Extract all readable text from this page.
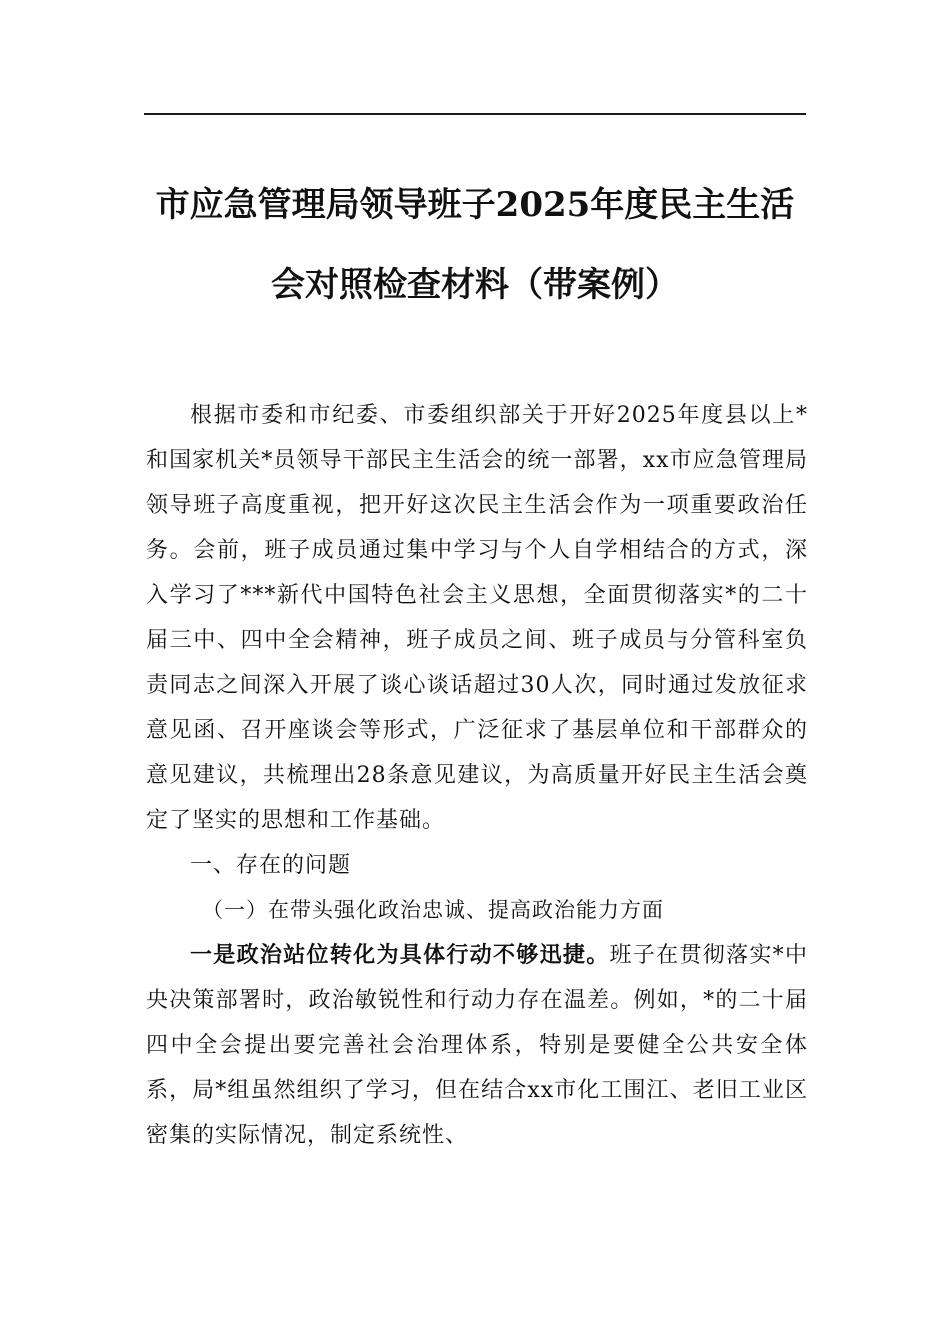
市应急管理局领导班子2025年度民主生活
会对照检查材料（带案例）

根据市委和市纪委、市委组织部关于开好2025年度县以上*和国家机关*员领导干部民主生活会的统一部署，xx市应急管理局领导班子高度重视，把开好这次民主生活会作为一项重要政治任务。会前，班子成员通过集中学习与个人自学相结合的方式，深入学习了***新代中国特色社会主义思想，全面贯彻落实*的二十届三中、四中全会精神，班子成员之间、班子成员与分管科室负责同志之间深入开展了谈心谈话超过30人次，同时通过发放征求意见函、召开座谈会等形式，广泛征求了基层单位和干部群众的意见建议，共梳理出28条意见建议，为高质量开好民主生活会奠定了坚实的思想和工作基础。

一、存在的问题

（一）在带头强化政治忠诚、提高政治能力方面

一是政治站位转化为具体行动不够迅捷。班子在贯彻落实*中央决策部署时，政治敏锐性和行动力存在温差。例如，*的二十届四中全会提出要完善社会治理体系，特别是要健全公共安全体系，局*组虽然组织了学习，但在结合xx市化工围江、老旧工业区密集的实际情况，制定系统性、
